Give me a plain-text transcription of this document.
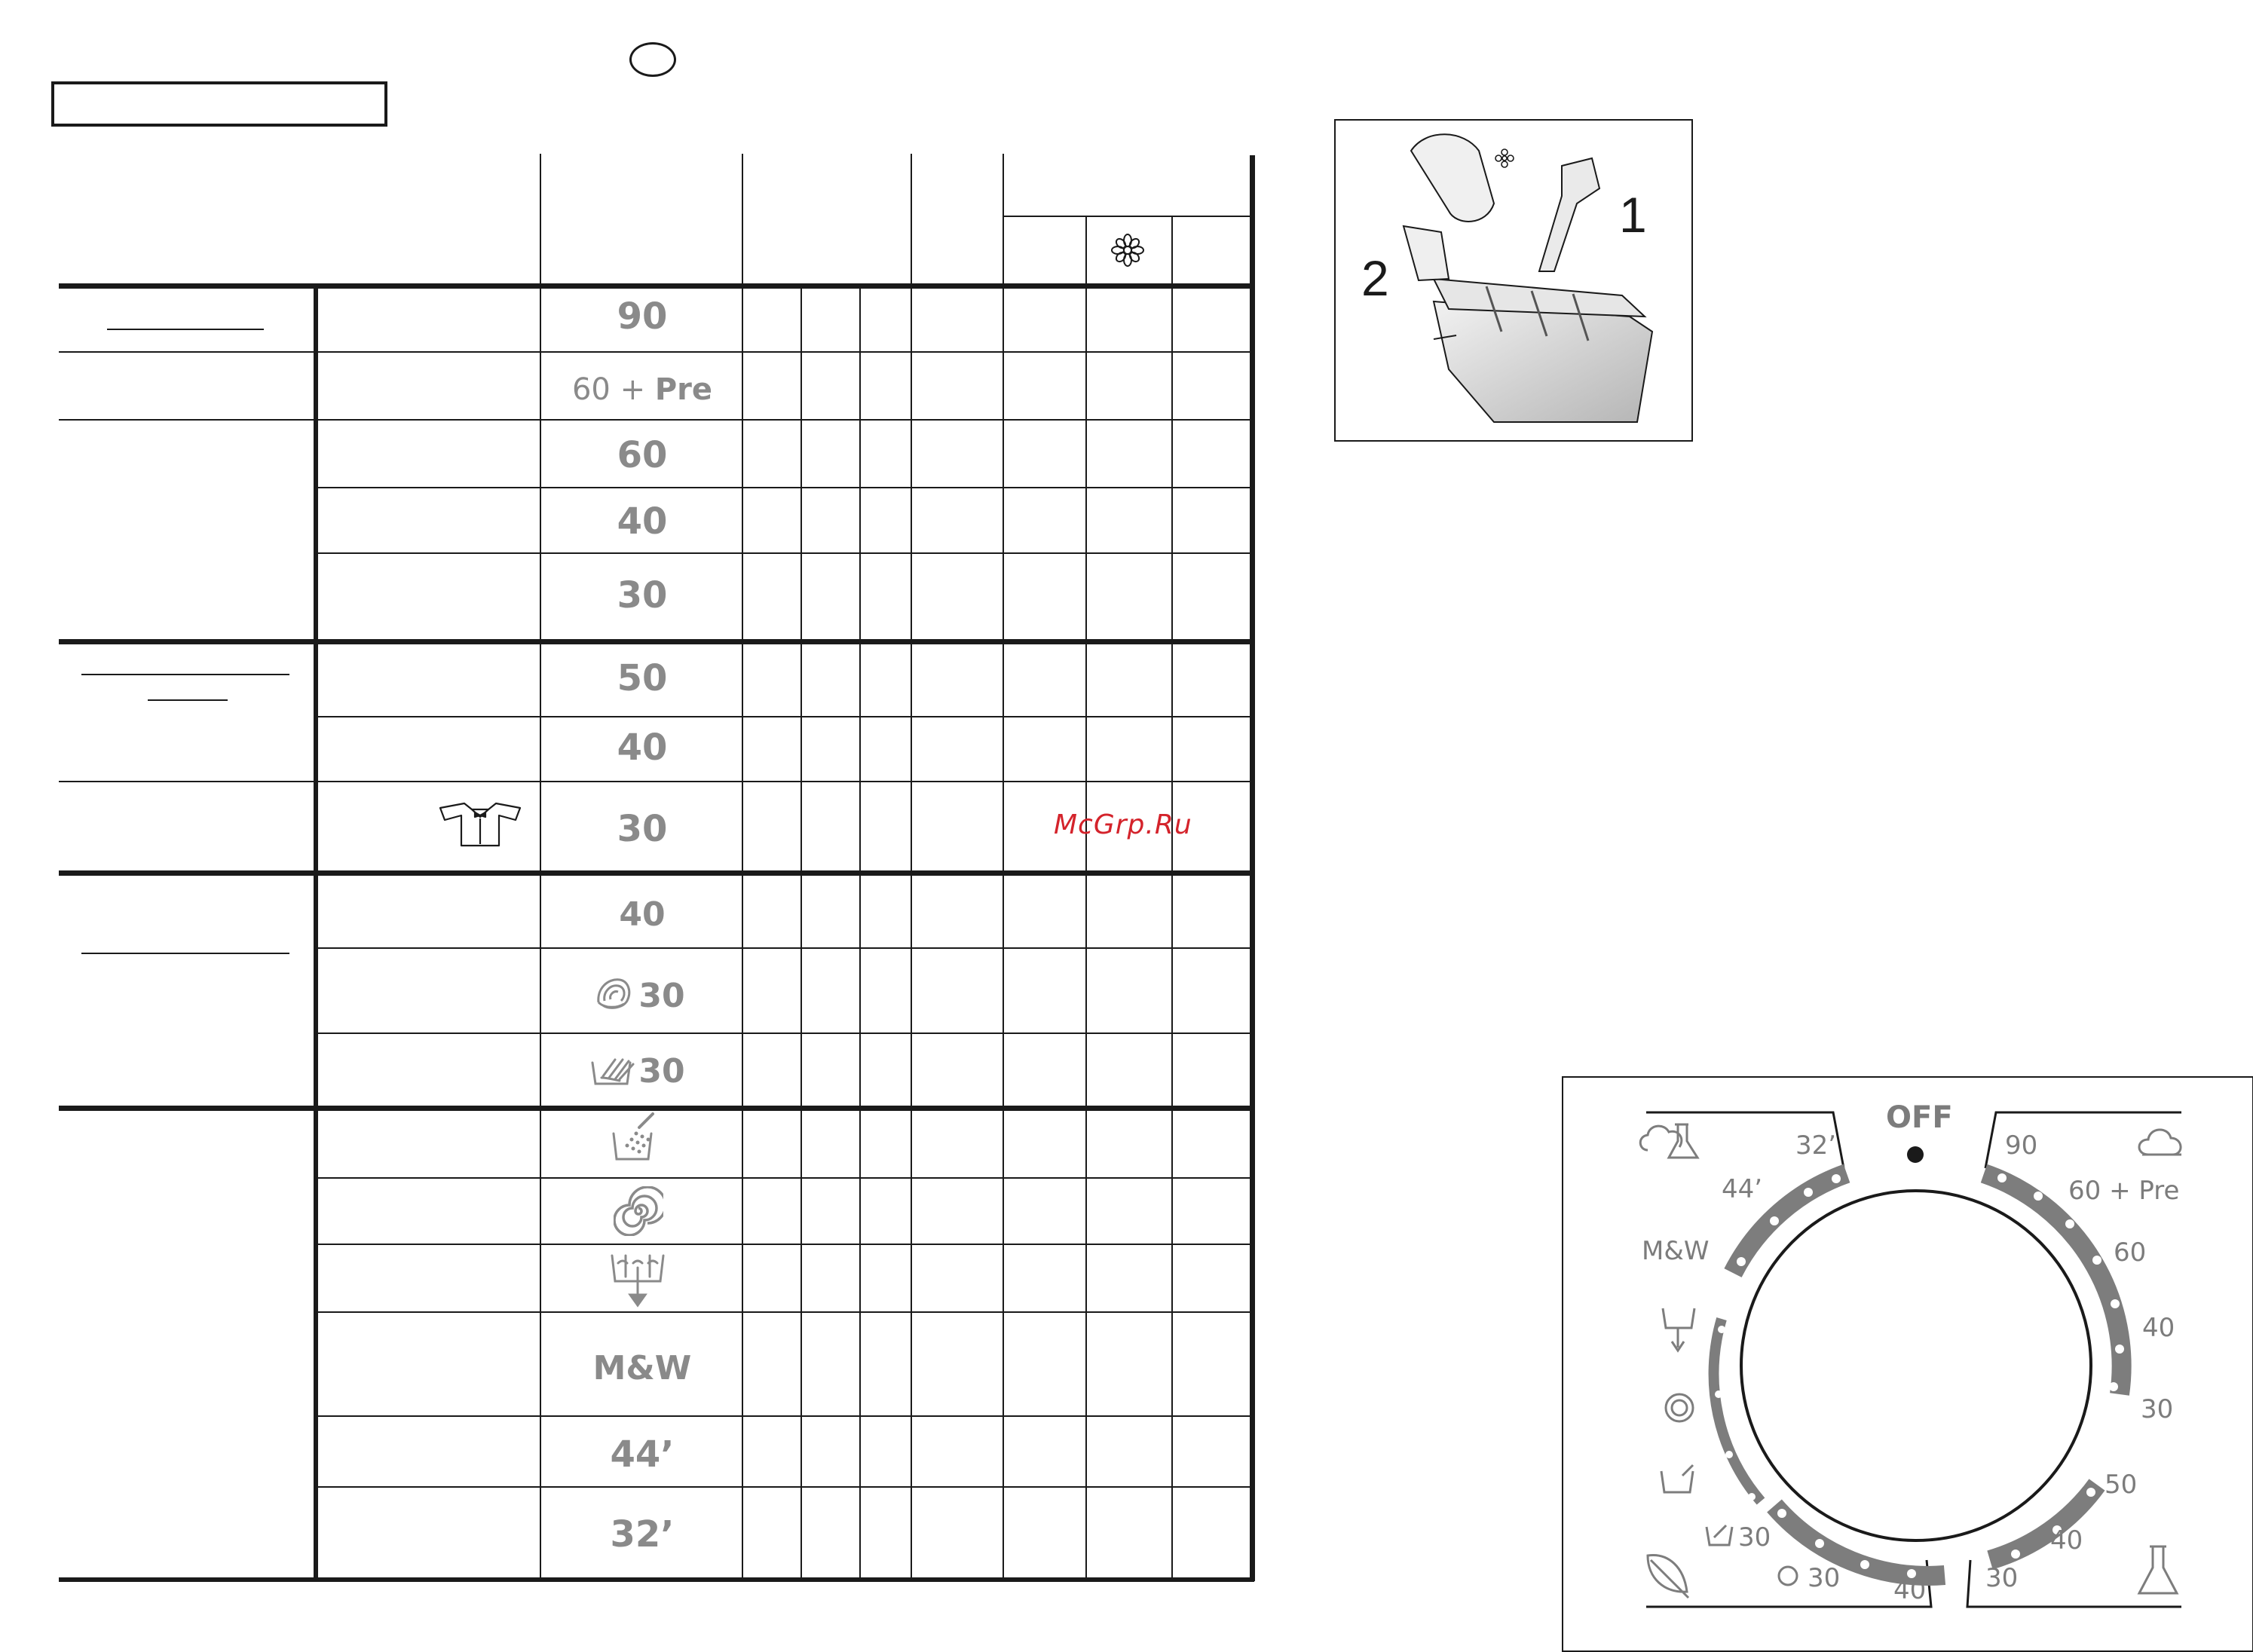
90
60 + Pre
60
40
30
50
40
30
40
30
30
M&W
44’
32’
McGrp.Ru
1
2
OFF
90
60 + Pre
60
40
30
50
40
30
32’
44’
M&W
30
30 40
